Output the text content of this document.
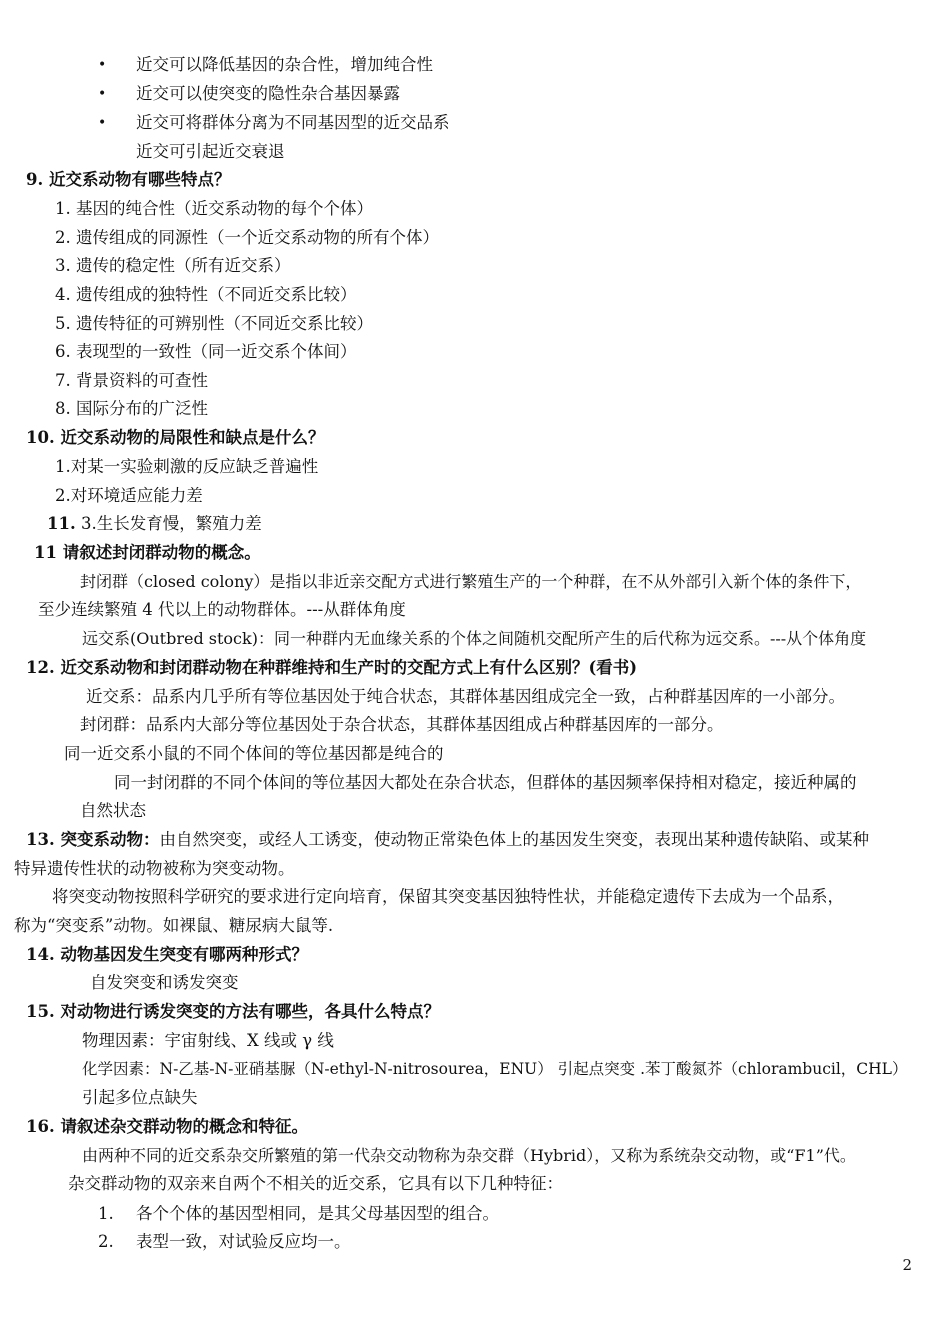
• 近交可以降低基因的杂合性，增加纯合性
• 近交可以使突变的隐性杂合基因暴露
• 近交可将群体分离为不同基因型的近交品系
近交可引起近交衰退
9. 近交系动物有哪些特点？
1. 基因的纯合性（近交系动物的每个个体）
2. 遗传组成的同源性（一个近交系动物的所有个体）
3. 遗传的稳定性（所有近交系）
4. 遗传组成的独特性（不同近交系比较）
5. 遗传特征的可辨别性（不同近交系比较）
6. 表现型的一致性（同一近交系个体间）
7. 背景资料的可查性
8. 国际分布的广泛性
10. 近交系动物的局限性和缺点是什么？
1.对某一实验刺激的反应缺乏普遍性
2.对环境适应能力差
11. 3.生长发育慢，繁殖力差
11 请叙述封闭群动物的概念。
封闭群（closed colony）是指以非近亲交配方式进行繁殖生产的一个种群，在不从外部引入新个体的条件下，
至少连续繁殖 4 代以上的动物群体。---从群体角度
远交系(Outbred stock)：同一种群内无血缘关系的个体之间随机交配所产生的后代称为远交系。---从个体角度
12. 近交系动物和封闭群动物在种群维持和生产时的交配方式上有什么区别？(看书)
近交系：品系内几乎所有等位基因处于纯合状态，其群体基因组成完全一致，占种群基因库的一小部分。
封闭群：品系内大部分等位基因处于杂合状态，其群体基因组成占种群基因库的一部分。
同一近交系小鼠的不同个体间的等位基因都是纯合的
同一封闭群的不同个体间的等位基因大都处在杂合状态，但群体的基因频率保持相对稳定，接近种属的
自然状态
13. 突变系动物：由自然突变，或经人工诱变，使动物正常染色体上的基因发生突变，表现出某种遗传缺陷、或某种
特异遗传性状的动物被称为突变动物。
将突变动物按照科学研究的要求进行定向培育，保留其突变基因独特性状，并能稳定遗传下去成为一个品系，
称为“突变系”动物。如裸鼠、糖尿病大鼠等.
14. 动物基因发生突变有哪两种形式？
自发突变和诱发突变
15. 对动物进行诱发突变的方法有哪些，各具什么特点？
物理因素：宇宙射线、X 线或 γ 线
化学因素：N-乙基-N-亚硝基脲（N-ethyl-N-nitrosourea，ENU） 引起点突变 .苯丁酸氮芥（chlorambucil，CHL）
引起多位点缺失
16. 请叙述杂交群动物的概念和特征。
由两种不同的近交系杂交所繁殖的第一代杂交动物称为杂交群（Hybrid），又称为系统杂交动物，或“F1”代。
杂交群动物的双亲来自两个不相关的近交系，它具有以下几种特征：
1. 各个个体的基因型相同，是其父母基因型的组合。
2. 表型一致，对试验反应均一。
2
